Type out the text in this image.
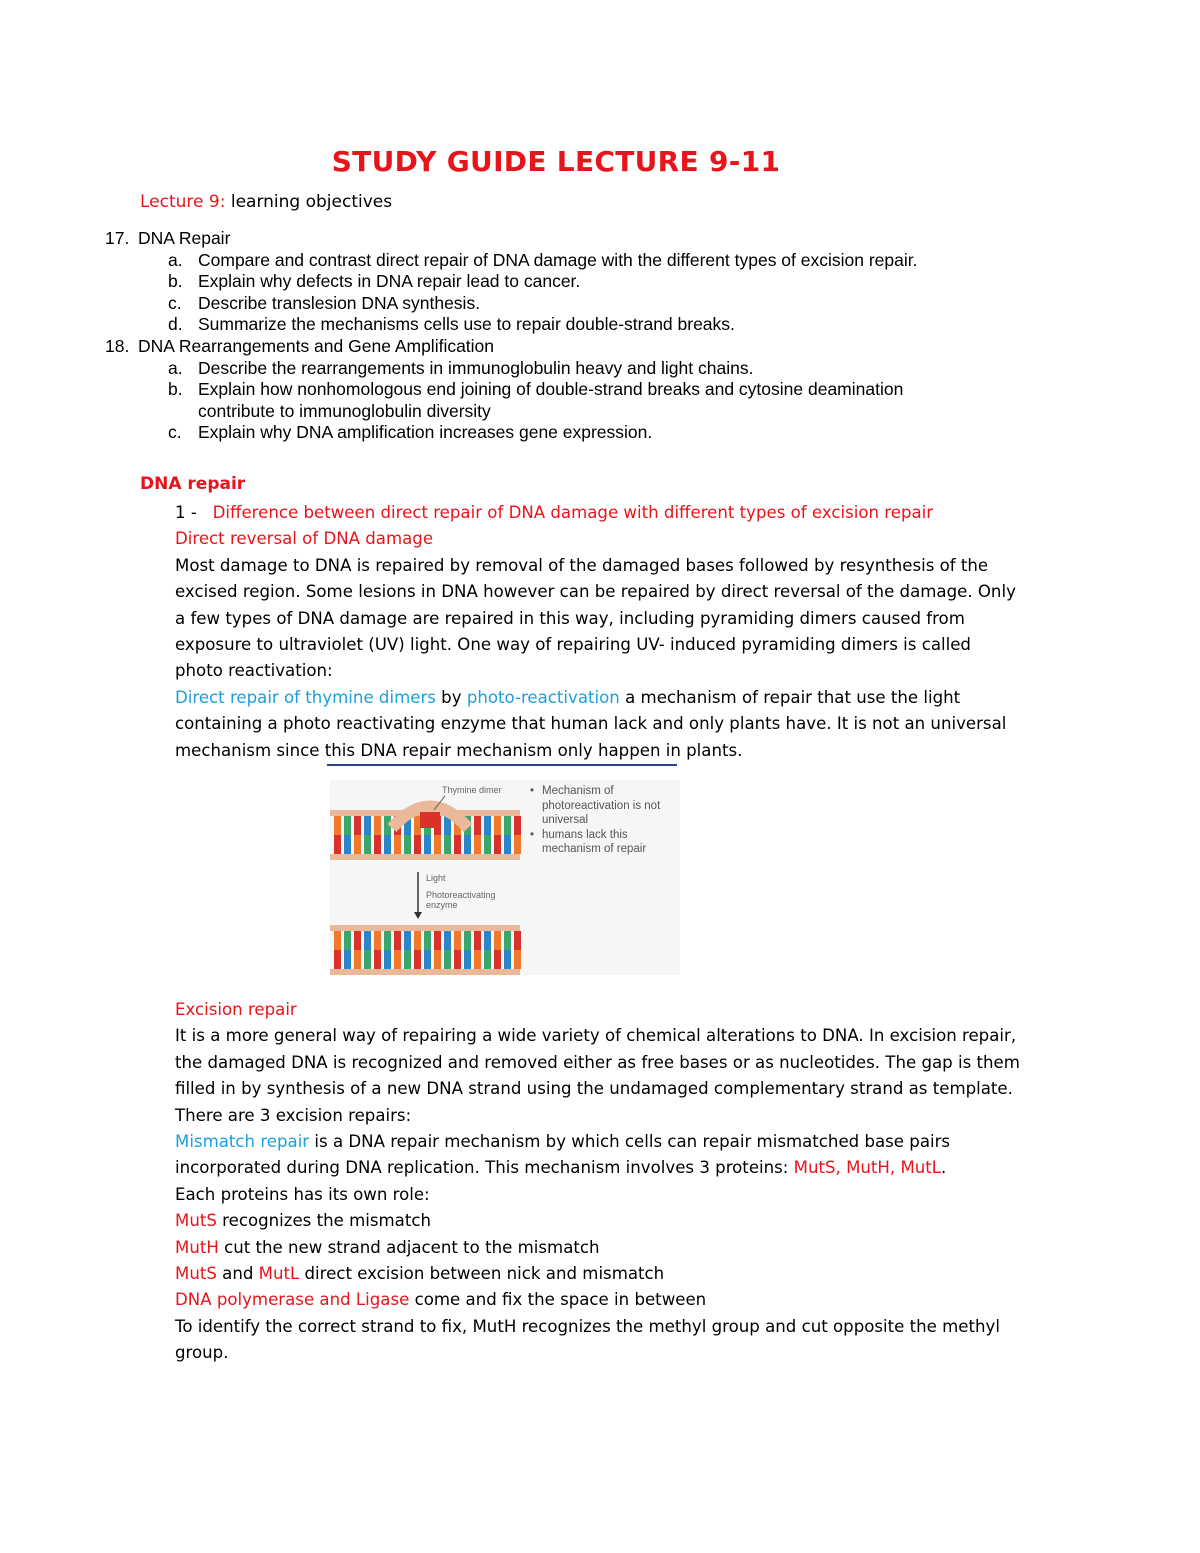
STUDY GUIDE LECTURE 9-11
Lecture 9: learning objectives
17. DNA Repair
a. Compare and contrast direct repair of DNA damage with the different types of excision repair.
b. Explain why defects in DNA repair lead to cancer.
c. Describe translesion DNA synthesis.
d. Summarize the mechanisms cells use to repair double-strand breaks.
18. DNA Rearrangements and Gene Amplification
a. Describe the rearrangements in immunoglobulin heavy and light chains.
b. Explain how nonhomologous end joining of double-strand breaks and cytosine deamination
contribute to immunoglobulin diversity
c. Explain why DNA amplification increases gene expression.
DNA repair
1 - Difference between direct repair of DNA damage with different types of excision repair
Direct reversal of DNA damage
Most damage to DNA is repaired by removal of the damaged bases followed by resynthesis of the
excised region. Some lesions in DNA however can be repaired by direct reversal of the damage. Only
a few types of DNA damage are repaired in this way, including pyramiding dimers caused from
exposure to ultraviolet (UV) light. One way of repairing UV- induced pyramiding dimers is called
photo reactivation:
Direct repair of thymine dimers by photo-reactivation a mechanism of repair that use the light
containing a photo reactivating enzyme that human lack and only plants have. It is not an universal
mechanism since this DNA repair mechanism only happen in plants.
Thymine dimer
Light
Photoreactivating
enzyme
• Mechanism of
photoreactivation is not
universal
• humans lack this
mechanism of repair
Excision repair
It is a more general way of repairing a wide variety of chemical alterations to DNA. In excision repair,
the damaged DNA is recognized and removed either as free bases or as nucleotides. The gap is them
filled in by synthesis of a new DNA strand using the undamaged complementary strand as template.
There are 3 excision repairs:
Mismatch repair is a DNA repair mechanism by which cells can repair mismatched base pairs
incorporated during DNA replication. This mechanism involves 3 proteins: MutS, MutH, MutL.
Each proteins has its own role:
MutS recognizes the mismatch
MutH cut the new strand adjacent to the mismatch
MutS and MutL direct excision between nick and mismatch
DNA polymerase and Ligase come and fix the space in between
To identify the correct strand to fix, MutH recognizes the methyl group and cut opposite the methyl
group.
